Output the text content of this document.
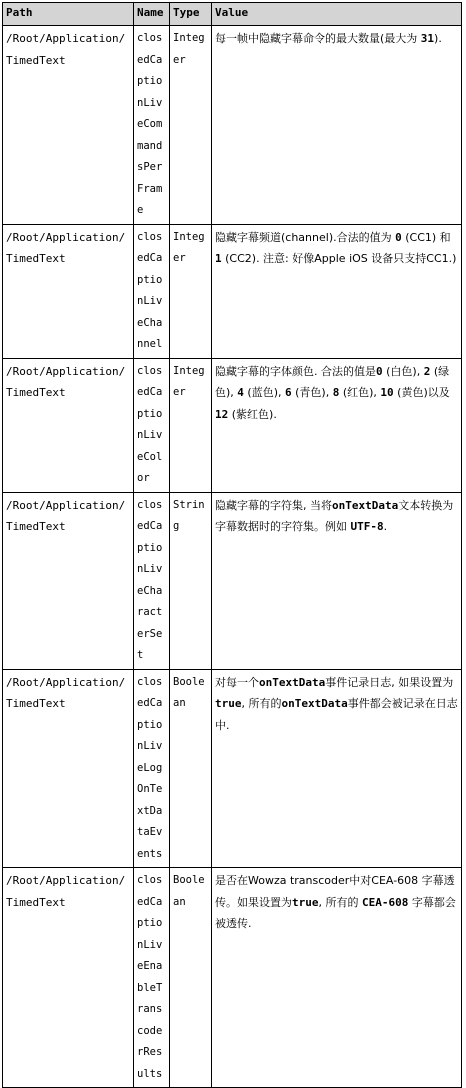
Path	Name	Type	Value
/Root/Application/TimedText	closedCaptionLiveCommandsPerFrame	Integer	每一帧中隐藏字幕命令的最大数量(最大为 31).
/Root/Application/TimedText	closedCaptionLiveChannel	Integer	隐藏字幕频道(channel).合法的值为 0 (CC1) 和 1 (CC2). 注意: 好像Apple iOS 设备只支持CC1.)
/Root/Application/TimedText	closedCaptionLiveColor	Integer	隐藏字幕的字体颜色. 合法的值是0 (白色), 2 (绿色), 4 (蓝色), 6 (青色), 8 (红色), 10 (黄色)以及 12 (紫红色).
/Root/Application/TimedText	closedCaptionLiveCharacterSet	String	隐藏字幕的字符集, 当将onTextData文本转换为字幕数据时的字符集。例如 UTF-8.
/Root/Application/TimedText	closedCaptionLiveLogOnTextDataEvents	Boolean	对每一个onTextData事件记录日志, 如果设置为true, 所有的onTextData事件都会被记录在日志中.
/Root/Application/TimedText	closedCaptionLiveEnableTranscoderResults	Boolean	是否在Wowza transcoder中对CEA-608 字幕透传。如果设置为true, 所有的 CEA-608 字幕都会被透传.
